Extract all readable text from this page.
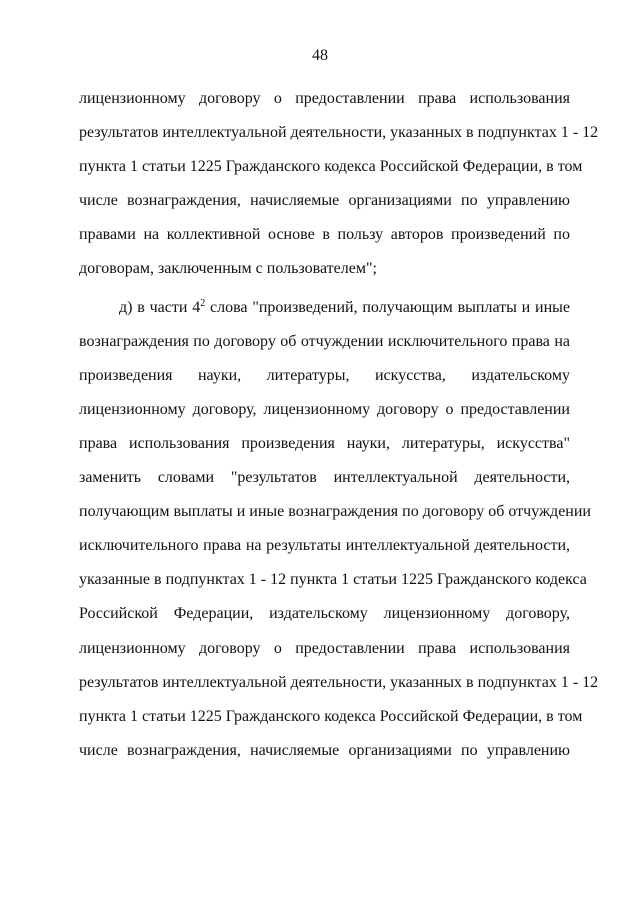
48
лицензионному договору о предоставлении права использования
результатов интеллектуальной деятельности, указанных в подпунктах 1 - 12
пункта 1 статьи 1225 Гражданского кодекса Российской Федерации, в том
числе вознаграждения, начисляемые организациями по управлению
правами на коллективной основе в пользу авторов произведений по
договорам, заключенным с пользователем";
д) в части $4^2$ слова "произведений, получающим выплаты и иные
вознаграждения по договору об отчуждении исключительного права на
произведения науки, литературы, искусства, издательскому
лицензионному договору, лицензионному договору о предоставлении
права использования произведения науки, литературы, искусства"
заменить словами "результатов интеллектуальной деятельности,
получающим выплаты и иные вознаграждения по договору об отчуждении
исключительного права на результаты интеллектуальной деятельности,
указанные в подпунктах 1 - 12 пункта 1 статьи 1225 Гражданского кодекса
Российской Федерации, издательскому лицензионному договору,
лицензионному договору о предоставлении права использования
результатов интеллектуальной деятельности, указанных в подпунктах 1 - 12
пункта 1 статьи 1225 Гражданского кодекса Российской Федерации, в том
числе вознаграждения, начисляемые организациями по управлению
